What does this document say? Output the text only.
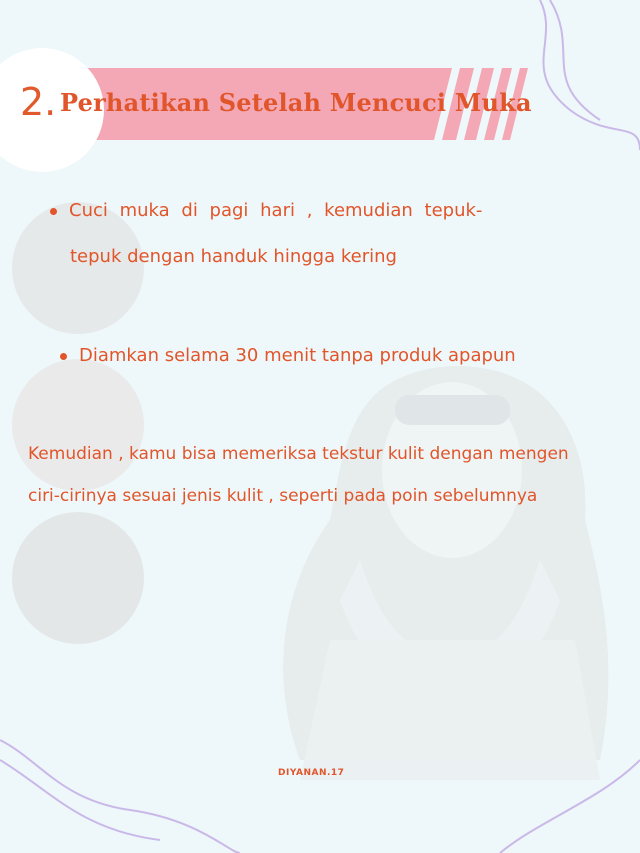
2. Perhatikan Setelah Mencuci Muka
Cuci muka di pagi hari , kemudian tepuk-
tepuk dengan handuk hingga kering
Diamkan selama 30 menit tanpa produk apapun
Kemudian , kamu bisa memeriksa tekstur kulit dengan mengen
ciri-cirinya sesuai jenis kulit , seperti pada poin sebelumnya
DIYANAN.17
